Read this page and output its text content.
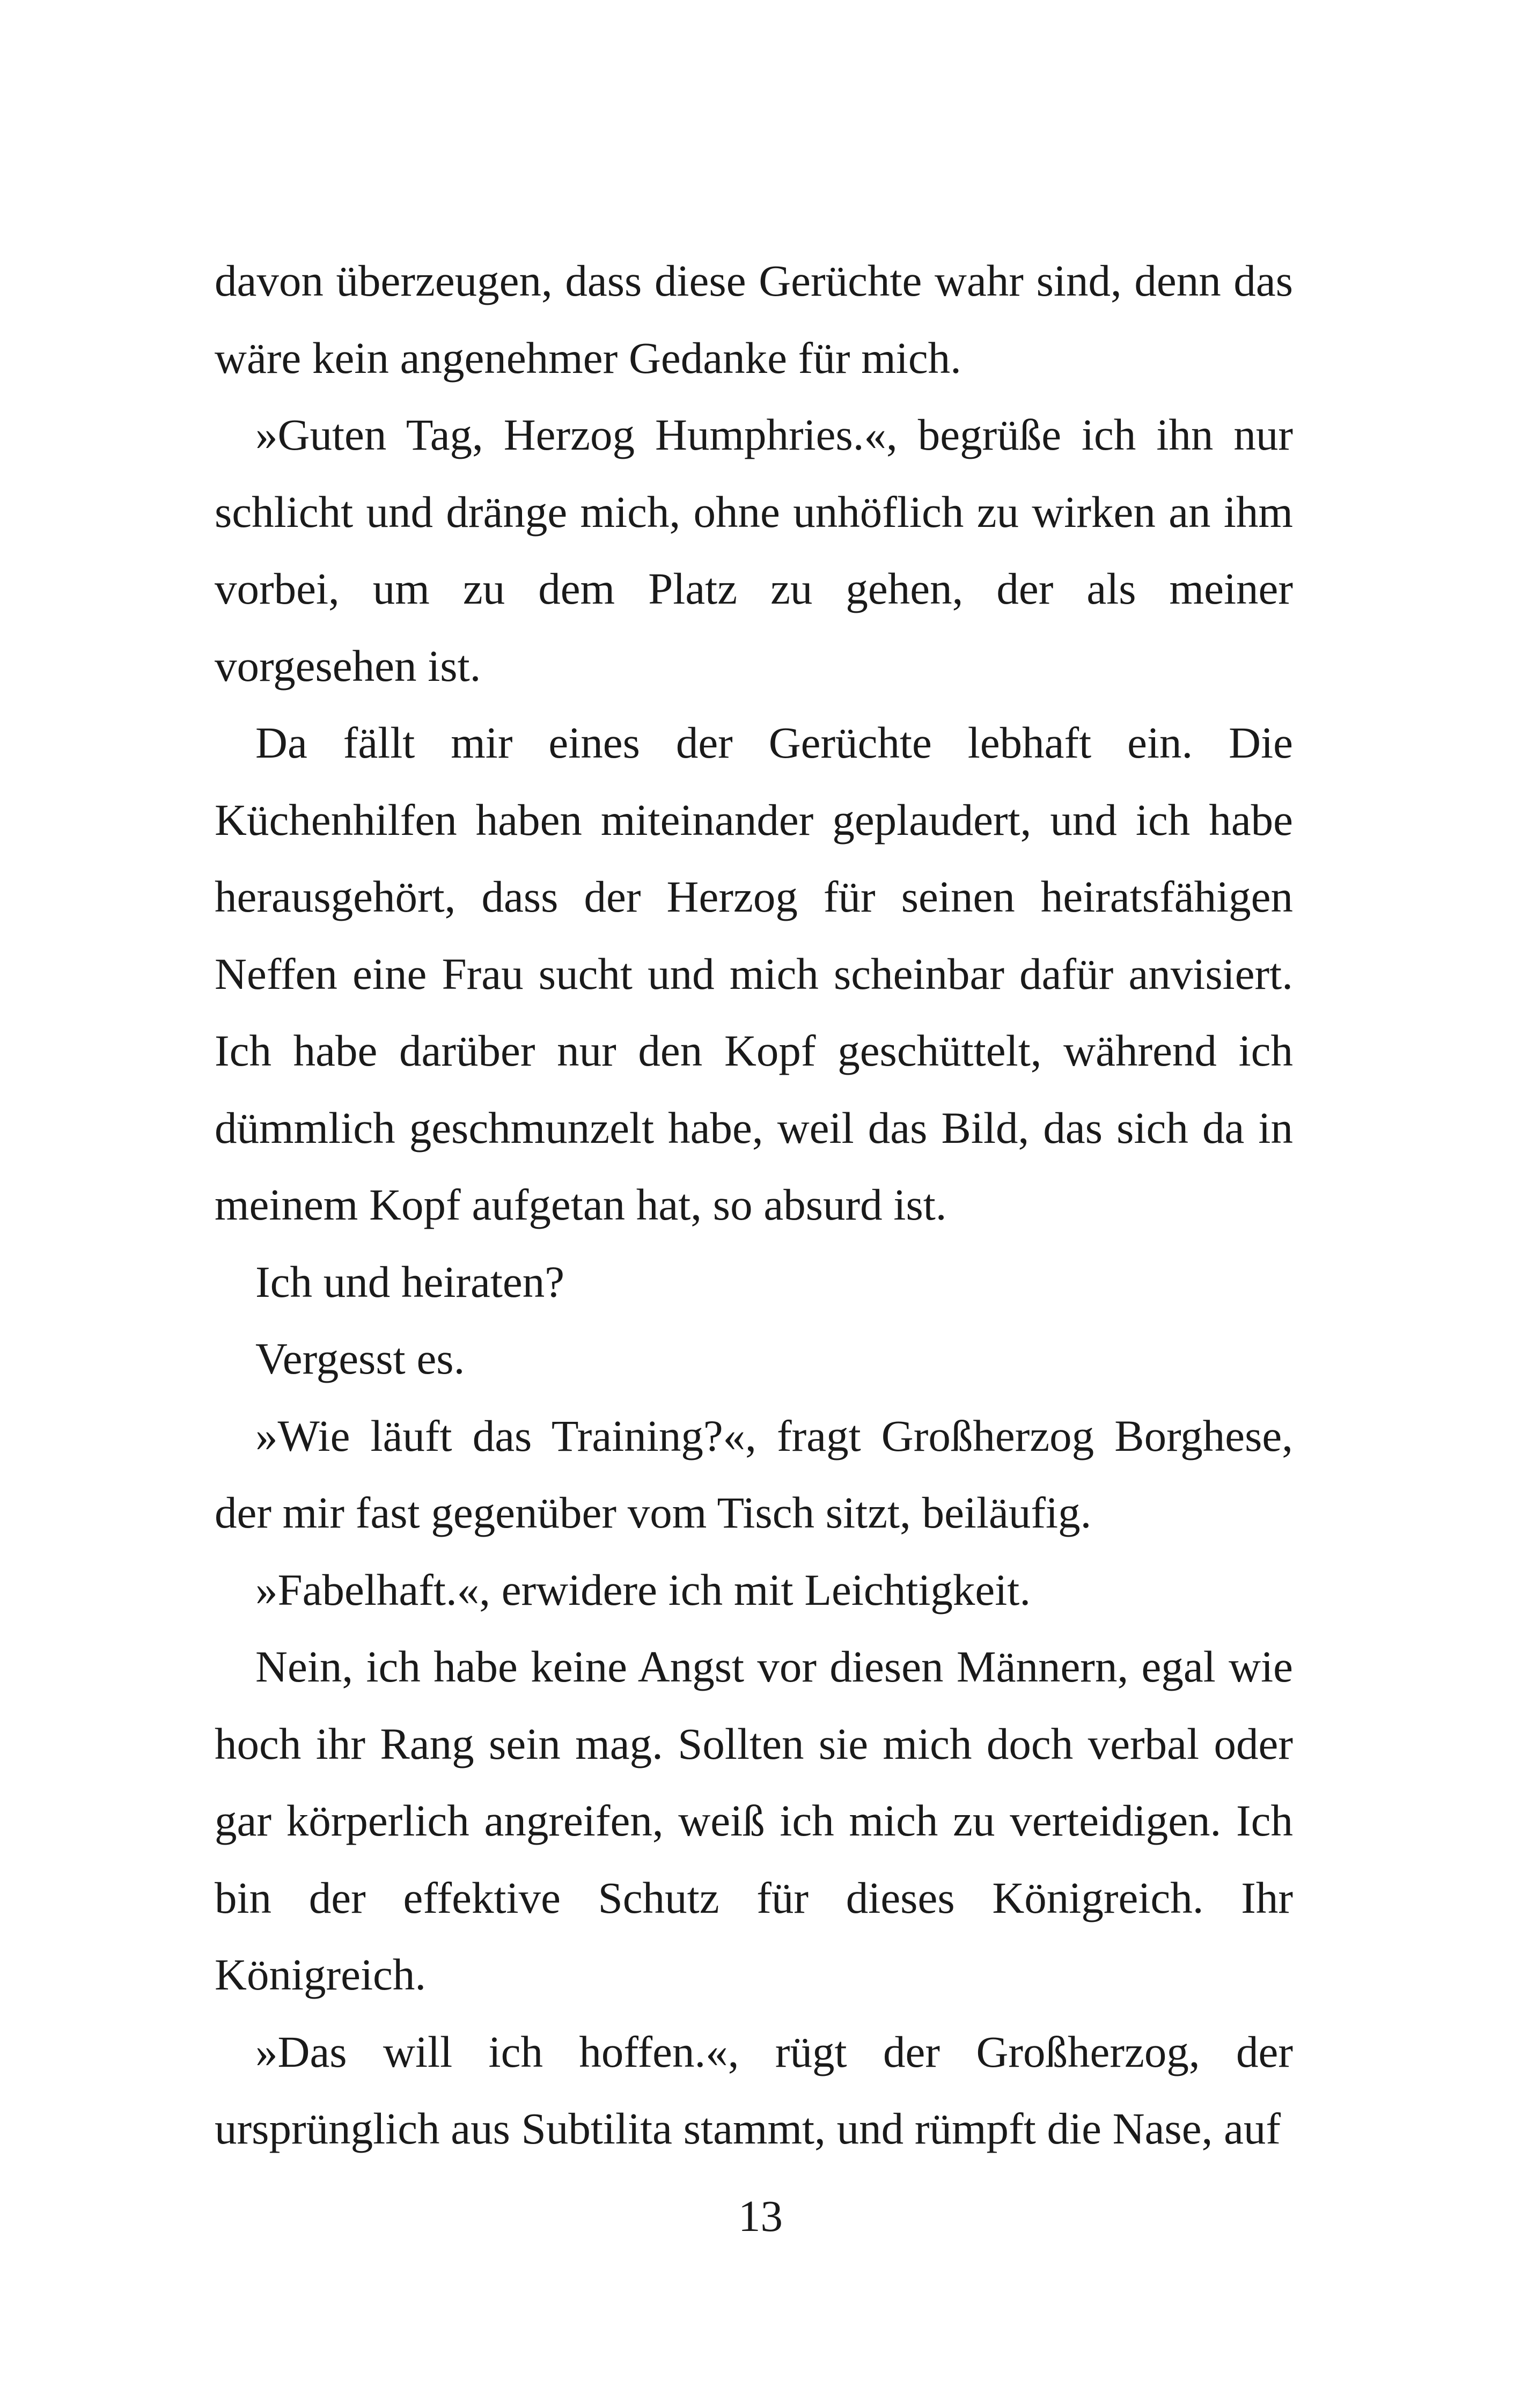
davon überzeugen, dass diese Gerüchte wahr sind, denn das wäre kein angenehmer Gedanke für mich.

»Guten Tag, Herzog Humphries.«, begrüße ich ihn nur schlicht und dränge mich, ohne unhöflich zu wirken an ihm vorbei, um zu dem Platz zu gehen, der als meiner vorgesehen ist.

Da fällt mir eines der Gerüchte lebhaft ein. Die Küchenhilfen haben miteinander geplaudert, und ich habe herausgehört, dass der Herzog für seinen heiratsfähigen Neffen eine Frau sucht und mich scheinbar dafür anvisiert. Ich habe darüber nur den Kopf geschüttelt, während ich dümmlich geschmunzelt habe, weil das Bild, das sich da in meinem Kopf aufgetan hat, so absurd ist.

Ich und heiraten?

Vergesst es.

»Wie läuft das Training?«, fragt Großherzog Borghese, der mir fast gegenüber vom Tisch sitzt, beiläufig.

»Fabelhaft.«, erwidere ich mit Leichtigkeit.

Nein, ich habe keine Angst vor diesen Männern, egal wie hoch ihr Rang sein mag. Sollten sie mich doch verbal oder gar körperlich angreifen, weiß ich mich zu verteidigen. Ich bin der effektive Schutz für dieses Königreich. Ihr Königreich.

»Das will ich hoffen.«, rügt der Großherzog, der ursprünglich aus Subtilita stammt, und rümpft die Nase, auf

13
